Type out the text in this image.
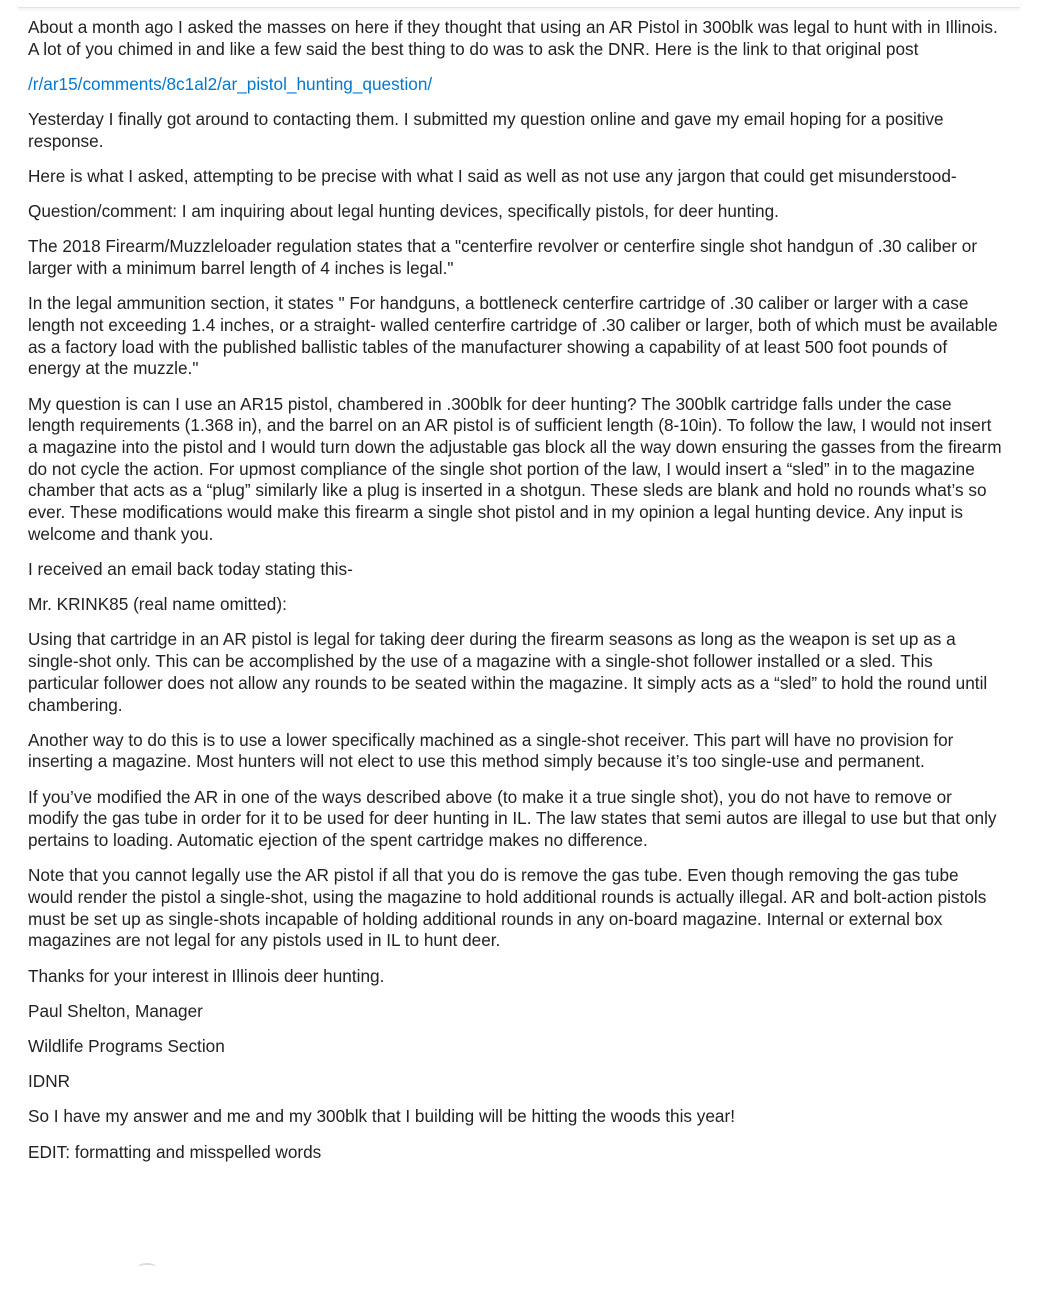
About a month ago I asked the masses on here if they thought that using an AR Pistol in 300blk was legal to hunt with in Illinois. A lot of you chimed in and like a few said the best thing to do was to ask the DNR. Here is the link to that original post

/r/ar15/comments/8c1al2/ar_pistol_hunting_question/

Yesterday I finally got around to contacting them. I submitted my question online and gave my email hoping for a positive response.

Here is what I asked, attempting to be precise with what I said as well as not use any jargon that could get misunderstood-

Question/comment: I am inquiring about legal hunting devices, specifically pistols, for deer hunting.

The 2018 Firearm/Muzzleloader regulation states that a "centerfire revolver or centerfire single shot handgun of .30 caliber or larger with a minimum barrel length of 4 inches is legal."

In the legal ammunition section, it states " For handguns, a bottleneck centerfire cartridge of .30 caliber or larger with a case length not exceeding 1.4 inches, or a straight- walled centerfire cartridge of .30 caliber or larger, both of which must be available as a factory load with the published ballistic tables of the manufacturer showing a capability of at least 500 foot pounds of energy at the muzzle."

My question is can I use an AR15 pistol, chambered in .300blk for deer hunting? The 300blk cartridge falls under the case length requirements (1.368 in), and the barrel on an AR pistol is of sufficient length (8-10in). To follow the law, I would not insert a magazine into the pistol and I would turn down the adjustable gas block all the way down ensuring the gasses from the firearm do not cycle the action. For upmost compliance of the single shot portion of the law, I would insert a “sled” in to the magazine chamber that acts as a “plug” similarly like a plug is inserted in a shotgun. These sleds are blank and hold no rounds what’s so ever. These modifications would make this firearm a single shot pistol and in my opinion a legal hunting device. Any input is welcome and thank you.

I received an email back today stating this-

Mr. KRINK85 (real name omitted):

Using that cartridge in an AR pistol is legal for taking deer during the firearm seasons as long as the weapon is set up as a single-shot only. This can be accomplished by the use of a magazine with a single-shot follower installed or a sled. This particular follower does not allow any rounds to be seated within the magazine. It simply acts as a “sled” to hold the round until chambering.

Another way to do this is to use a lower specifically machined as a single-shot receiver. This part will have no provision for inserting a magazine. Most hunters will not elect to use this method simply because it’s too single-use and permanent.

If you’ve modified the AR in one of the ways described above (to make it a true single shot), you do not have to remove or modify the gas tube in order for it to be used for deer hunting in IL. The law states that semi autos are illegal to use but that only pertains to loading. Automatic ejection of the spent cartridge makes no difference.

Note that you cannot legally use the AR pistol if all that you do is remove the gas tube. Even though removing the gas tube would render the pistol a single-shot, using the magazine to hold additional rounds is actually illegal. AR and bolt-action pistols must be set up as single-shots incapable of holding additional rounds in any on-board magazine. Internal or external box magazines are not legal for any pistols used in IL to hunt deer.

Thanks for your interest in Illinois deer hunting.

Paul Shelton, Manager

Wildlife Programs Section

IDNR

So I have my answer and me and my 300blk that I building will be hitting the woods this year!

EDIT: formatting and misspelled words
